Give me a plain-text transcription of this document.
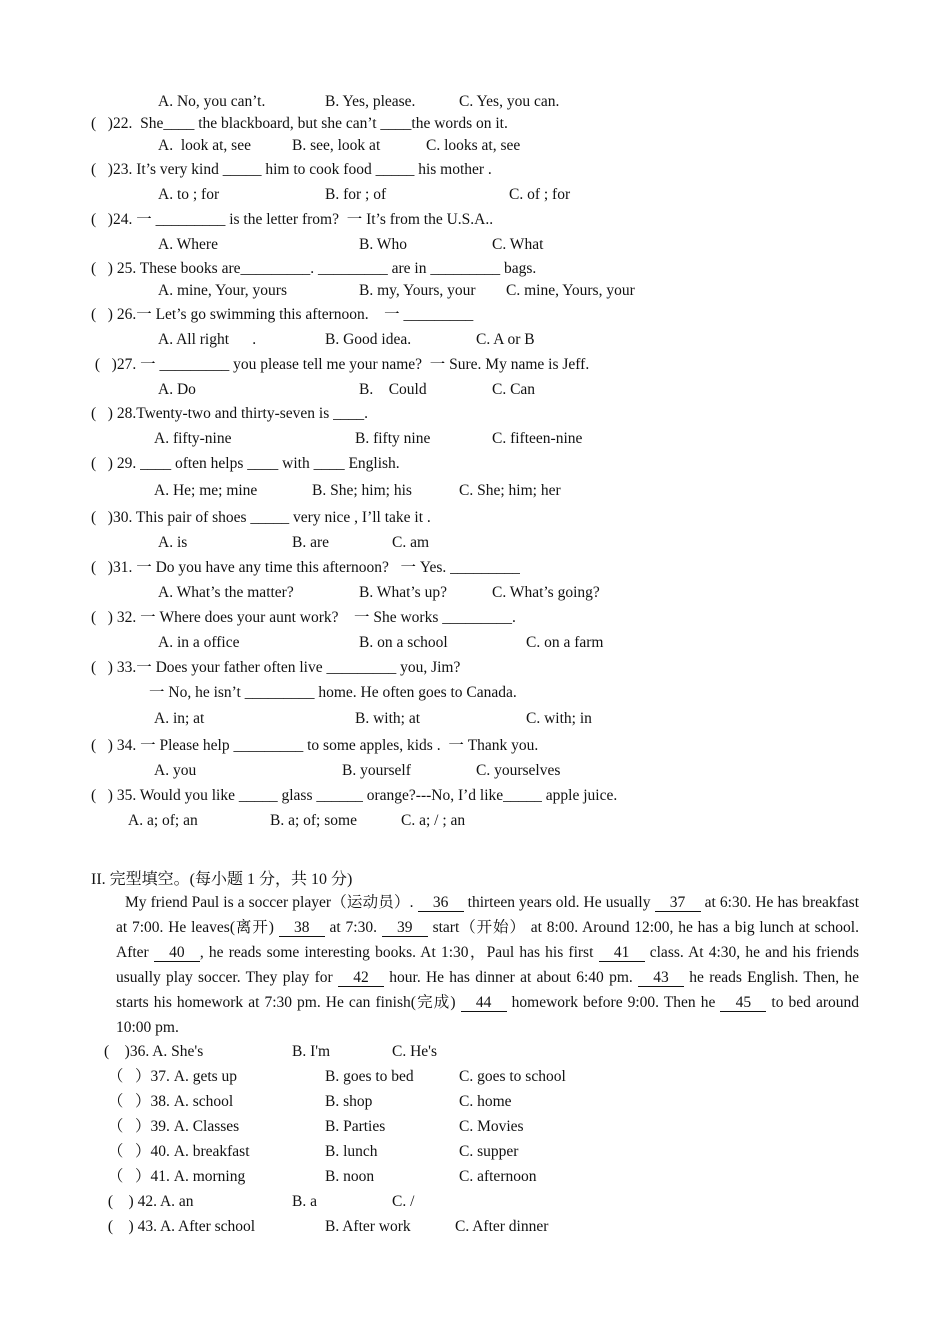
A. No, you can’t.	B. Yes, please.	C. Yes, you can.
(   )22.  She____ the blackboard, but she can’t ____the words on it.
A.  look at, see	B. see, look at	C. looks at, see
(   )23. It’s very kind _____ him to cook food _____ his mother .
A. to ; for	B. for ; of	C. of ; for
(   )24. 一 _________ is the letter from?  一 It’s from the U.S.A..
A. Where	B. Who	C. What
(   ) 25. These books are_________. _________ are in _________ bags.
A. mine, Your, yours	B. my, Yours, your C. mine, Yours, your
(   ) 26.一 Let’s go swimming this afternoon.    一 _________
A. All right      .	B. Good idea.	C. A or B
(   )27. 一 _________ you please tell me your name?  一 Sure. My name is Jeff.
A. Do	B.    Could	C. Can
(   ) 28.Twenty-two and thirty-seven is ____.
A. fifty-nine	B. fifty nine	C. fifteen-nine
(   ) 29. ____ often helps ____ with ____ English.
A. He; me; mine	B. She; him; his	C. She; him; her
(   )30. This pair of shoes _____ very nice , I’ll take it .
A. is	B. are	C. am
(   )31. 一 Do you have any time this afternoon?   一 Yes. _________
A. What’s the matter?	B. What’s up?	C. What’s going?
(   ) 32. 一 Where does your aunt work?    一 She works _________.
A. in a office	B. on a school	C. on a farm
(   ) 33.一 Does your father often live _________ you, Jim?
一 No, he isn’t _________ home. He often goes to Canada.
A. in; at	B. with; at	C. with; in
(   ) 34. 一 Please help _________ to some apples, kids .  一 Thank you.
A. you	B. yourself	C. yourselves
(   ) 35. Would you like _____ glass ______ orange?---No, I’d like_____ apple juice.
A. a; of; an	B. a; of; some	C. a; / ; an
II. 完型填空。(每小题 1 分，共 10 分)
My friend Paul is a soccer player（运动员）. 36 thirteen years old. He usually 37 at 6:30. He has breakfast at 7:00. He leaves(离开) 38 at 7:30. 39 start（开始） at 8:00. Around 12:00, he has a big lunch at school. After 40 , he reads some interesting books. At 1:30，Paul has his first 41 class. At 4:30, he and his friends usually play soccer. They play for 42 hour. He has dinner at about 6:40 pm. 43 he reads English. Then, he starts his homework at 7:30 pm. He can finish(完成) 44 homework before 9:00. Then he 45 to bed around 10:00 pm.
(    )36. A. She's	B. I'm	C. He's
（   ）37. A. gets up	B. goes to bed	C. goes to school
（   ）38. A. school	B. shop	C. home
（   ）39. A. Classes	B. Parties	C. Movies
（   ）40. A. breakfast	B. lunch	C. supper
（   ）41. A. morning	B. noon	C. afternoon
(    ) 42. A. an	B. a	C. /
(    ) 43. A. After school	B. After work	C. After dinner
